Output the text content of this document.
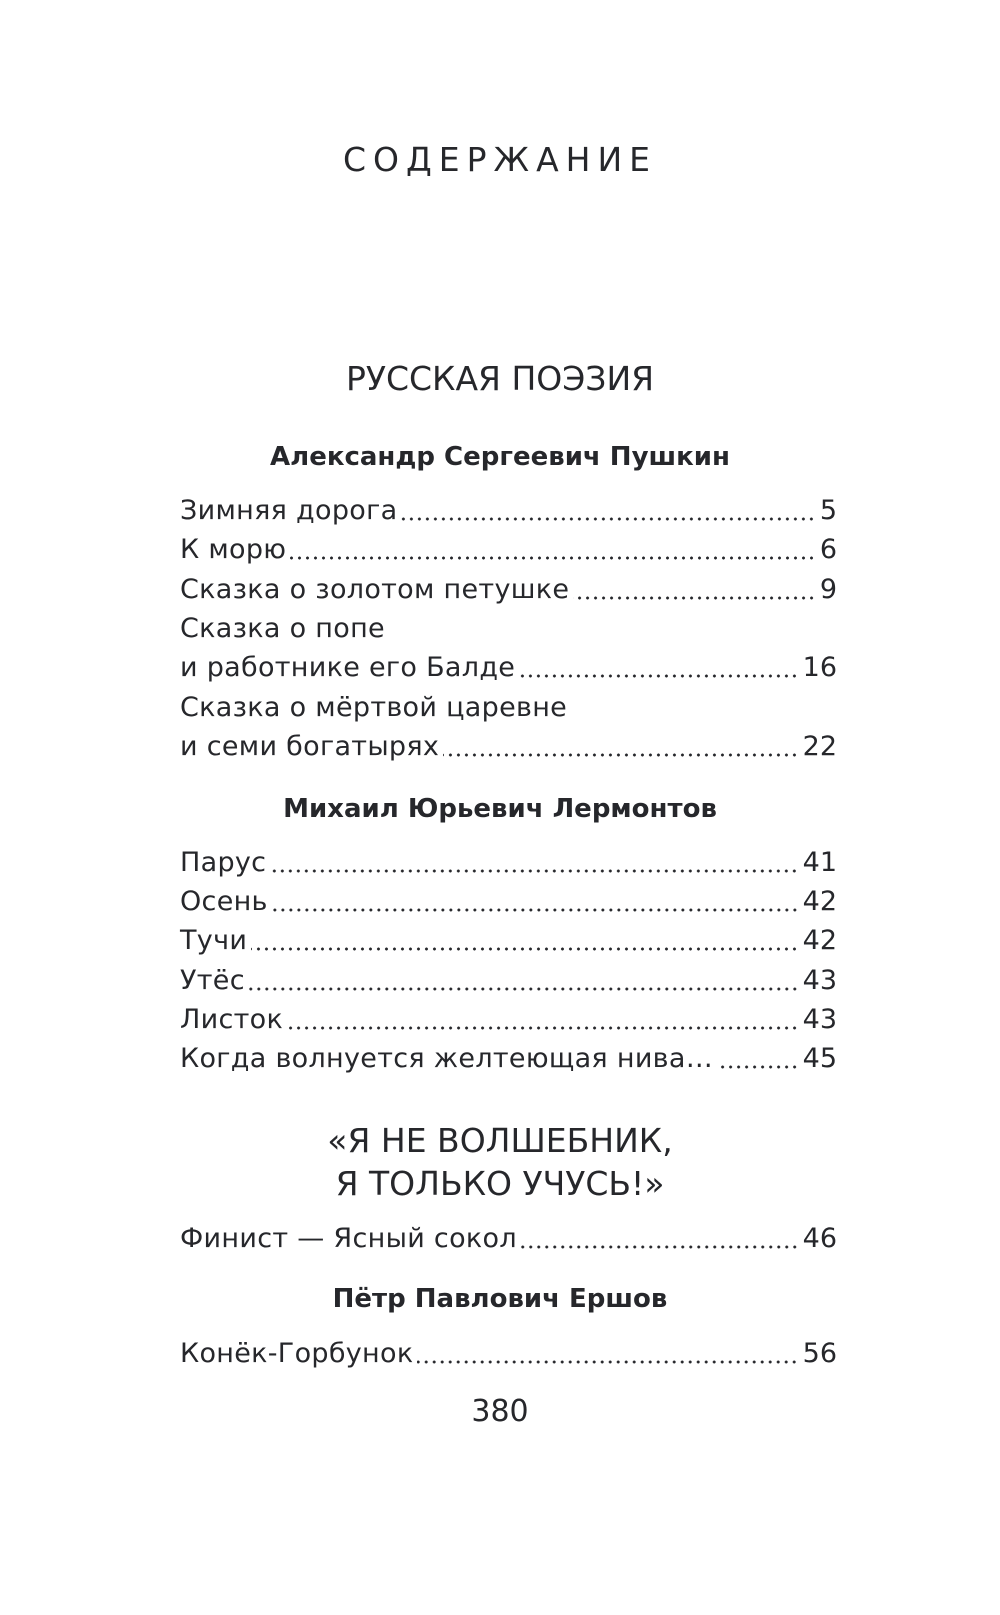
СОДЕРЖАНИЕ
РУССКАЯ ПОЭЗИЯ
Александр Сергеевич Пушкин
Зимняя дорога	5
К морю	6
Сказка о золотом петушке	9
Сказка о попе
и работнике его Балде	16
Сказка о мёртвой царевне
и семи богатырях	22
Михаил Юрьевич Лермонтов
Парус	41
Осень	42
Тучи	42
Утёс	43
Листок	43
Когда волнуется желтеющая нива…	45
«Я НЕ ВОЛШЕБНИК,
Я ТОЛЬКО УЧУСЬ!»
Финист — Ясный сокол	46
Пётр Павлович Ершов
Конёк-Горбунок	56
380
